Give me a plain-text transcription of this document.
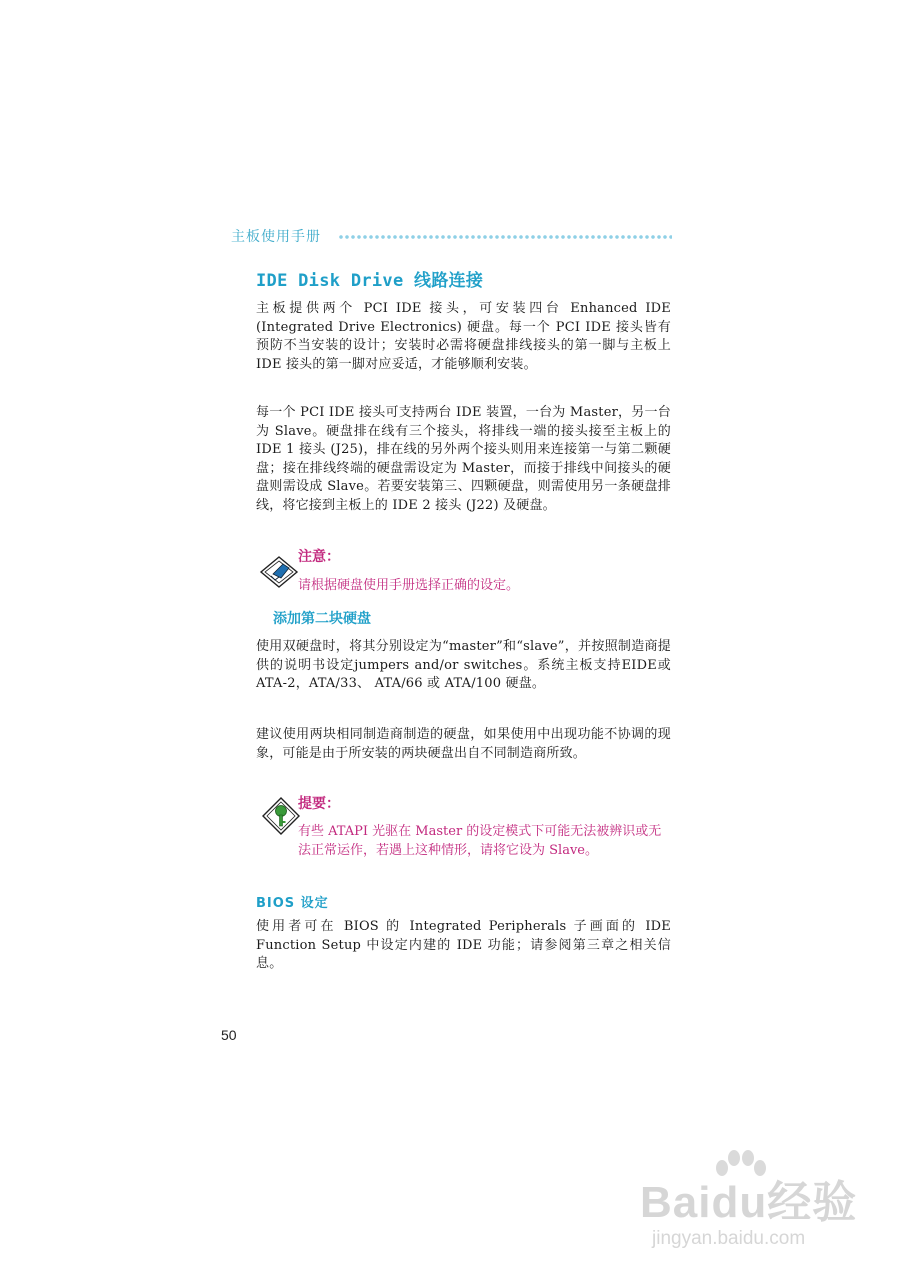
主板使用手册
IDE Disk Drive 线路连接
主板提供两个 PCI IDE 接头，可安装四台 Enhanced IDE (Integrated Drive Electronics) 硬盘。每一个 PCI IDE 接头皆有预防不当安装的设计；安装时必需将硬盘排线接头的第一脚与主板上 IDE 接头的第一脚对应妥适，才能够顺利安装。
每一个 PCI IDE 接头可支持两台 IDE 装置，一台为 Master，另一台为 Slave。硬盘排在线有三个接头，将排线一端的接头接至主板上的 IDE 1 接头 (J25)，排在线的另外两个接头则用来连接第一与第二颗硬盘；接在排线终端的硬盘需设定为 Master，而接于排线中间接头的硬盘则需设成 Slave。若要安装第三、四颗硬盘，则需使用另一条硬盘排线，将它接到主板上的 IDE 2 接头 (J22) 及硬盘。
注意：
请根据硬盘使用手册选择正确的设定。
添加第二块硬盘
使用双硬盘时，将其分别设定为“master”和“slave”，并按照制造商提供的说明书设定jumpers and/or switches。系统主板支持EIDE或ATA-2，ATA/33、 ATA/66 或 ATA/100 硬盘。
建议使用两块相同制造商制造的硬盘，如果使用中出现功能不协调的现象，可能是由于所安装的两块硬盘出自不同制造商所致。
提要：
有些 ATAPI 光驱在 Master 的设定模式下可能无法被辨识或无法正常运作，若遇上这种情形，请将它设为 Slave。
BIOS 设定
使用者可在 BIOS 的 Integrated Peripherals 子画面的 IDE Function Setup 中设定内建的 IDE 功能；请参阅第三章之相关信息。
50
Baidu经验
jingyan.baidu.com
